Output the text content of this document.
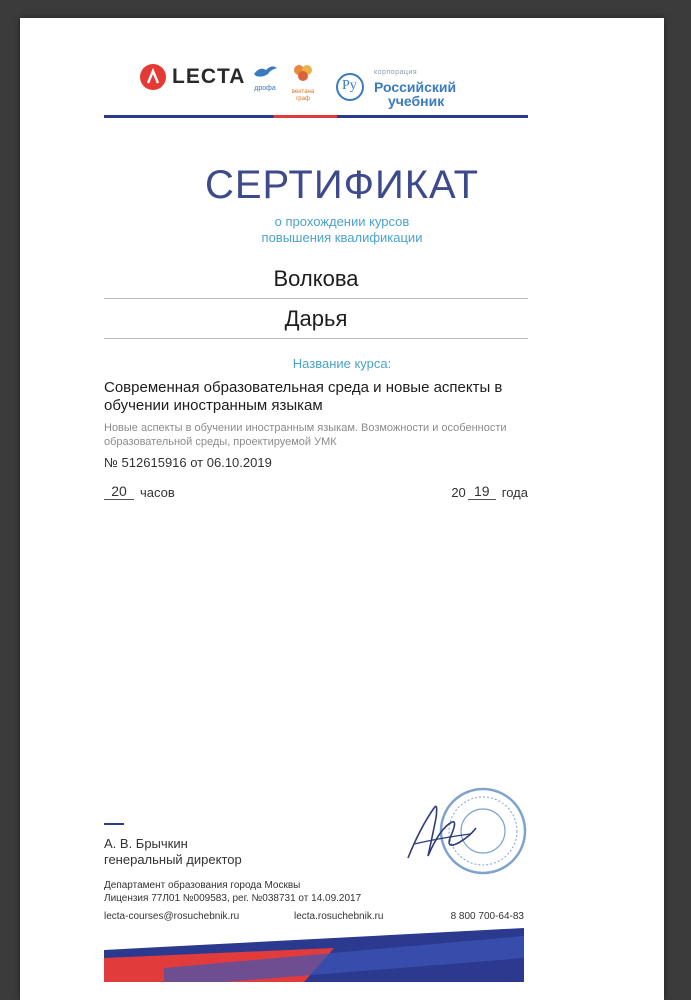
LECTA
дрофа	вентана граф
Ру
корпорация
Российский
учебник
СЕРТИФИКАТ
о прохождении курсов
повышения квалификации
Волкова
Дарья
Название курса:
Современная образовательная среда и новые аспекты в обучении иностранным языкам
Новые аспекты в обучении иностранным языкам. Возможности и особенности образовательной среды, проектируемой УМК
№ 512615916 от 06.10.2019
20	часов	20 19 года
А. В. Брычкин
генеральный директор
Департамент образования города Москвы
Лицензия 77Л01 №009583, рег. №038731 от 14.09.2017
lecta-courses@rosuchebnik.ru	lecta.rosuchebnik.ru	8 800 700-64-83
